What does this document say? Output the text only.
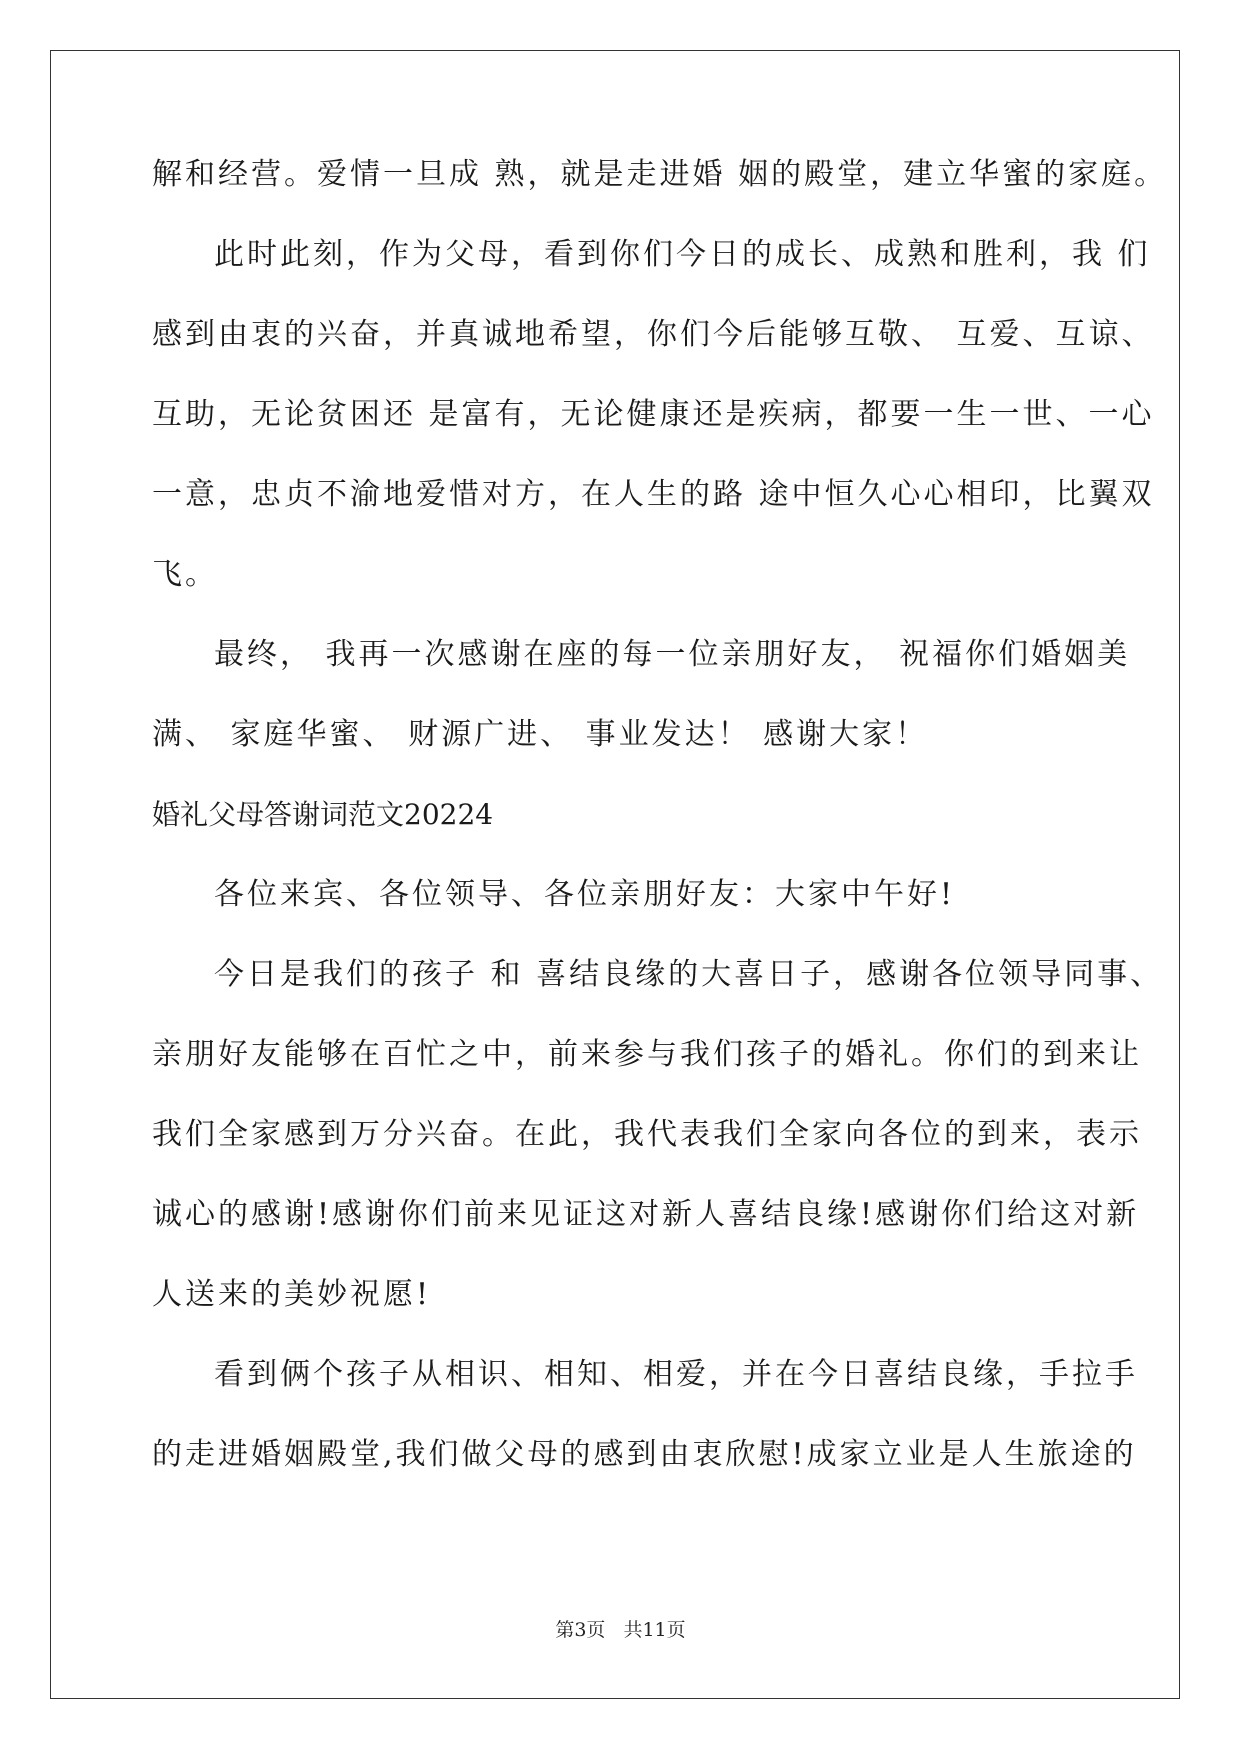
解和经营。爱情一旦成 熟，就是走进婚 姻的殿堂，建立华蜜的家庭。
此时此刻，作为父母，看到你们今日的成长、成熟和胜利，我 们
感到由衷的兴奋，并真诚地希望，你们今后能够互敬、 互爱、互谅、
互助，无论贫困还 是富有，无论健康还是疾病，都要一生一世、一心
一意，忠贞不渝地爱惜对方，在人生的路 途中恒久心心相印，比翼双
飞。
最终， 我再一次感谢在座的每一位亲朋好友， 祝福你们婚姻美
满、 家庭华蜜、 财源广进、 事业发达！ 感谢大家！
婚礼父母答谢词范文20224
各位来宾、各位领导、各位亲朋好友：大家中午好!
今日是我们的孩子 和 喜结良缘的大喜日子，感谢各位领导同事、
亲朋好友能够在百忙之中，前来参与我们孩子的婚礼。你们的到来让
我们全家感到万分兴奋。在此，我代表我们全家向各位的到来，表示
诚心的感谢!感谢你们前来见证这对新人喜结良缘!感谢你们给这对新
人送来的美妙祝愿!
看到俩个孩子从相识、相知、相爱，并在今日喜结良缘，手拉手
的走进婚姻殿堂,我们做父母的感到由衷欣慰!成家立业是人生旅途的
第3页 共11页
